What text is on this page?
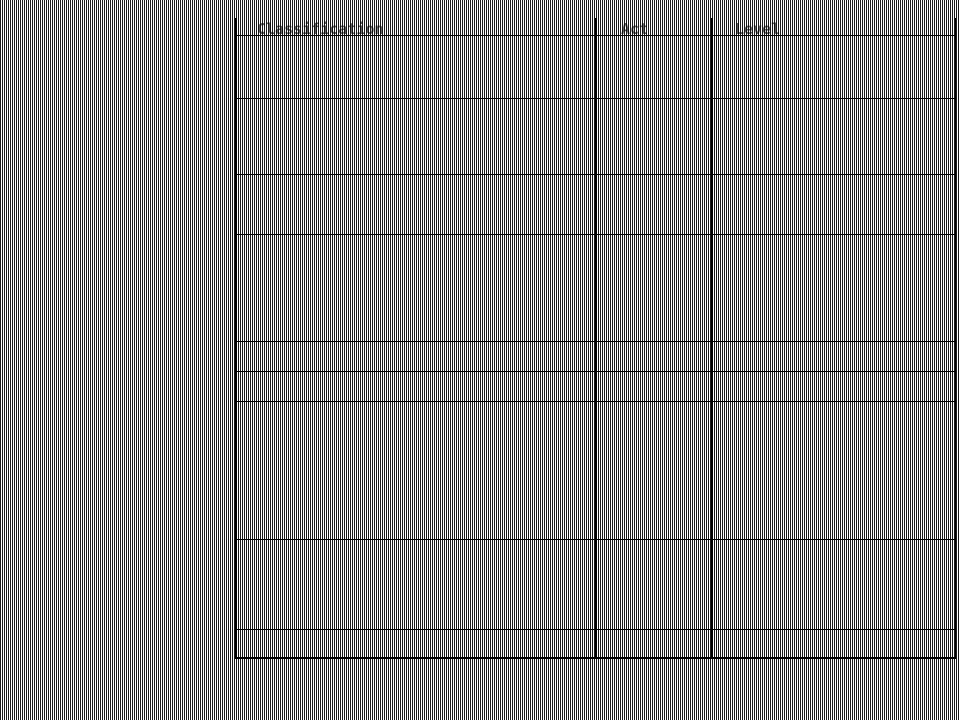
Classification	Act	Level
